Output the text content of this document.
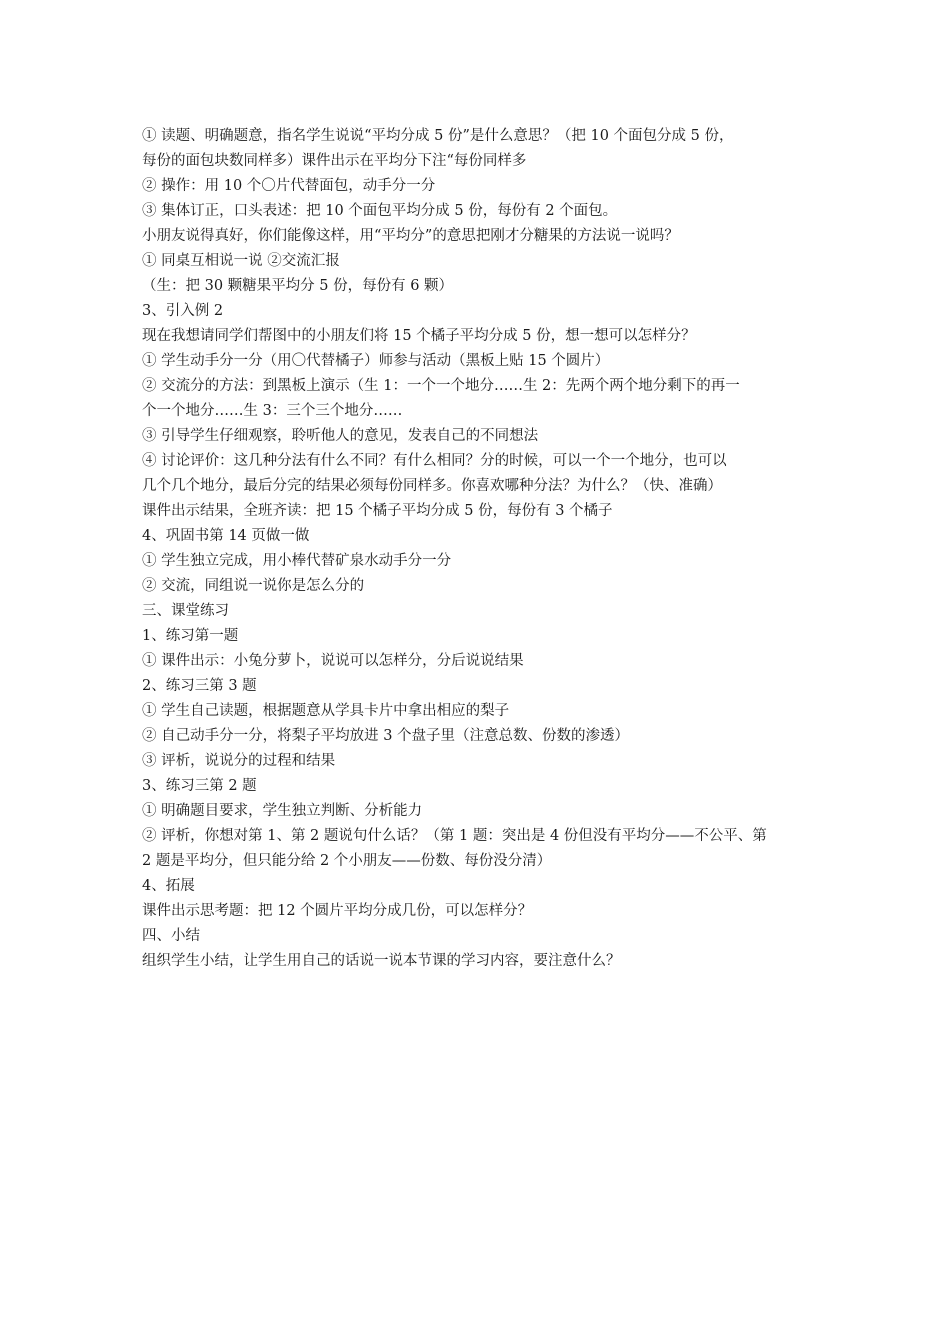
① 读题、明确题意，指名学生说说“平均分成 5 份”是什么意思？（把 10 个面包分成 5 份，
每份的面包块数同样多）课件出示在平均分下注“每份同样多
② 操作：用 10 个〇片代替面包，动手分一分
③ 集体订正，口头表述：把 10 个面包平均分成 5 份，每份有 2 个面包。
小朋友说得真好，你们能像这样，用“平均分”的意思把刚才分糖果的方法说一说吗？
① 同桌互相说一说 ②交流汇报
（生：把 30 颗糖果平均分 5 份，每份有 6 颗）
3、引入例 2
现在我想请同学们帮图中的小朋友们将 15 个橘子平均分成 5 份，想一想可以怎样分？
① 学生动手分一分（用〇代替橘子）师参与活动（黑板上贴 15 个圆片）
② 交流分的方法：到黑板上演示（生 1：一个一个地分……生 2：先两个两个地分剩下的再一
个一个地分……生 3：三个三个地分……
③ 引导学生仔细观察，聆听他人的意见，发表自己的不同想法
④ 讨论评价：这几种分法有什么不同？有什么相同？分的时候，可以一个一个地分，也可以
几个几个地分，最后分完的结果必须每份同样多。你喜欢哪种分法？为什么？（快、准确）
课件出示结果，全班齐读：把 15 个橘子平均分成 5 份，每份有 3 个橘子
4、巩固书第 14 页做一做
① 学生独立完成，用小棒代替矿泉水动手分一分
② 交流，同组说一说你是怎么分的
三、课堂练习
1、练习第一题
① 课件出示：小兔分萝卜，说说可以怎样分，分后说说结果
2、练习三第 3 题
① 学生自己读题，根据题意从学具卡片中拿出相应的梨子
② 自己动手分一分，将梨子平均放进 3 个盘子里（注意总数、份数的渗透）
③ 评析，说说分的过程和结果
3、练习三第 2 题
① 明确题目要求，学生独立判断、分析能力
② 评析，你想对第 1、第 2 题说句什么话？（第 1 题：突出是 4 份但没有平均分——不公平、第
2 题是平均分，但只能分给 2 个小朋友——份数、每份没分清）
4、拓展
课件出示思考题：把 12 个圆片平均分成几份，可以怎样分？
四、小结
组织学生小结，让学生用自己的话说一说本节课的学习内容，要注意什么？
